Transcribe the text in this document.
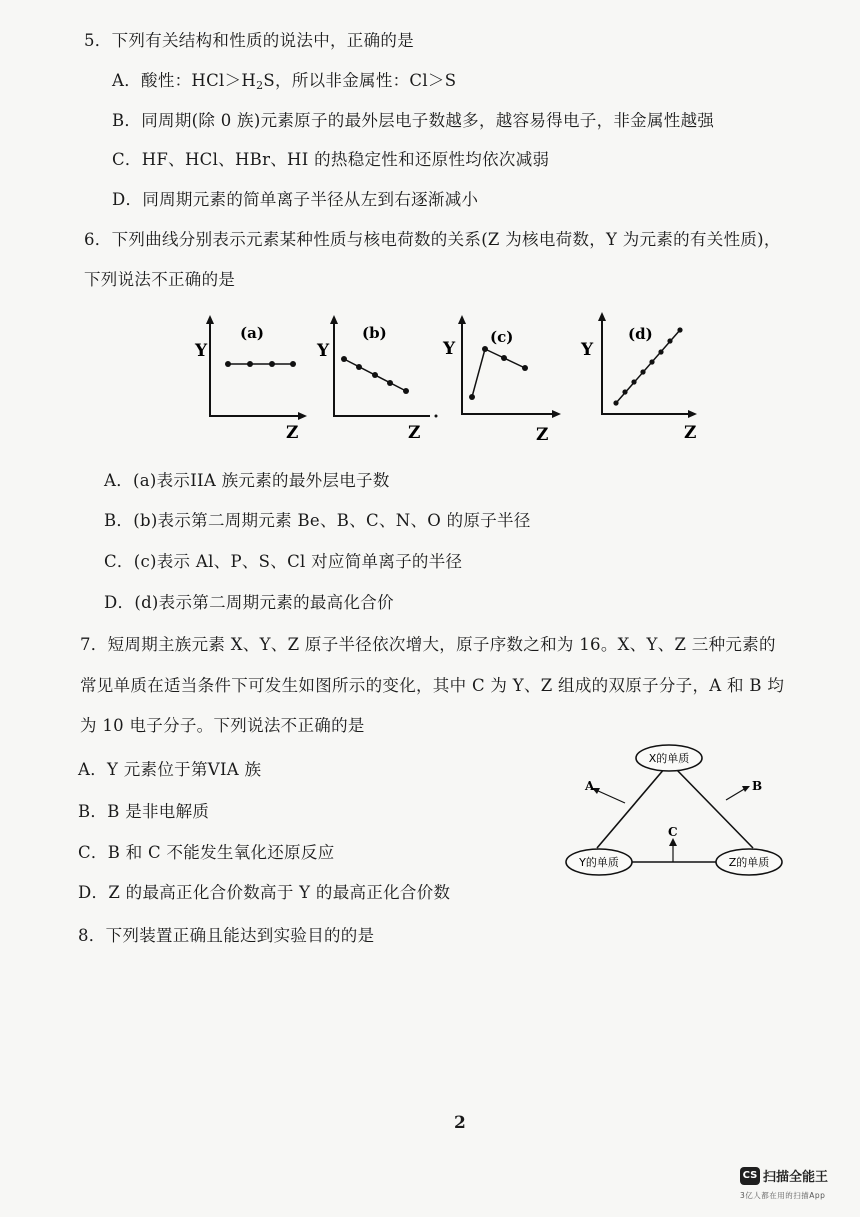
5．下列有关结构和性质的说法中，正确的是
A．酸性：HCl＞H2S，所以非金属性：Cl＞S
B．同周期(除 0 族)元素原子的最外层电子数越多，越容易得电子，非金属性越强
C．HF、HCl、HBr、HI 的热稳定性和还原性均依次减弱
D．同周期元素的简单离子半径从左到右逐渐减小
6．下列曲线分别表示元素某种性质与核电荷数的关系(Z 为核电荷数，Y 为元素的有关性质)，
下列说法不正确的是
(a)
Y
Z
(b)
Y
Z
(c)
Y
Z
(d)
Y
Z
A．(a)表示IIA 族元素的最外层电子数
B．(b)表示第二周期元素 Be、B、C、N、O 的原子半径
C．(c)表示 Al、P、S、Cl 对应简单离子的半径
D．(d)表示第二周期元素的最高化合价
7．短周期主族元素 X、Y、Z 原子半径依次增大，原子序数之和为 16。X、Y、Z 三种元素的
常见单质在适当条件下可发生如图所示的变化，其中 C 为 Y、Z 组成的双原子分子，A 和 B 均
为 10 电子分子。下列说法不正确的是
A．Y 元素位于第VIA 族
B．B 是非电解质
C．B 和 C 不能发生氧化还原反应
D．Z 的最高正化合价数高于 Y 的最高正化合价数
X的单质
Y的单质	Z的单质
A	B
C
8．下列装置正确且能达到实验目的的是
2
CS 扫描全能王
3亿人都在用的扫描App
